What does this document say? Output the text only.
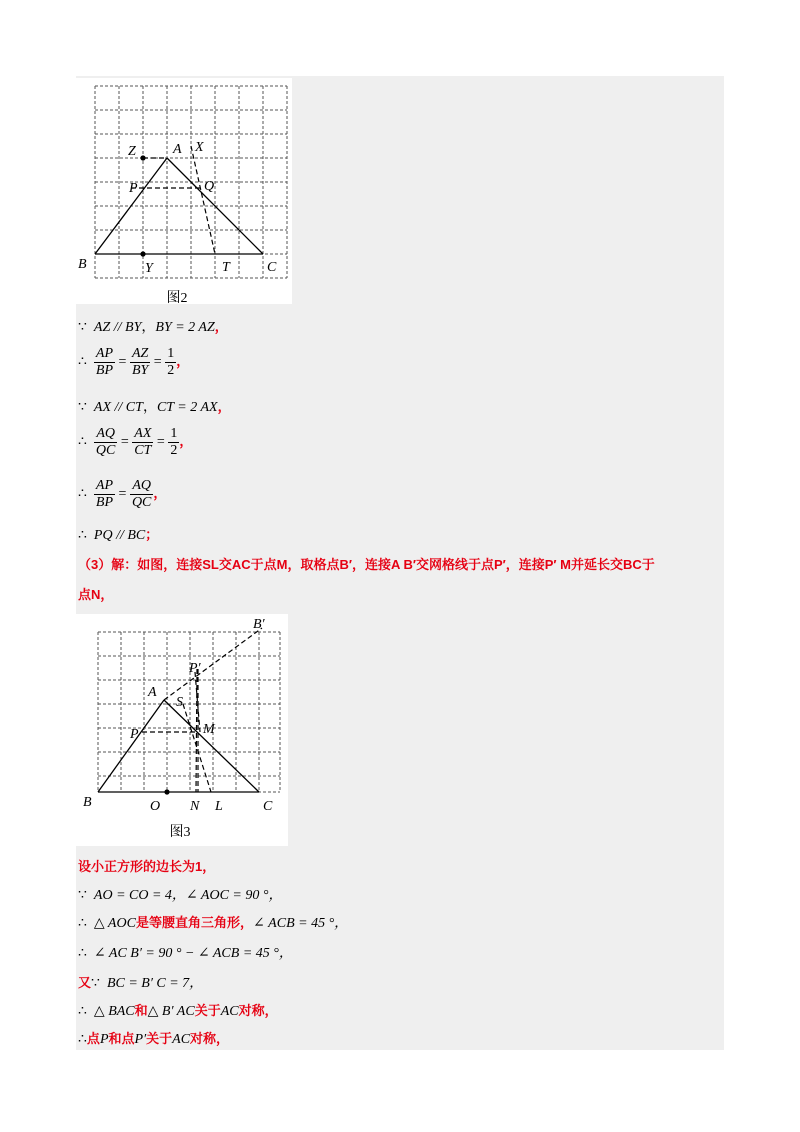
A X
Z
P	Q
B	Y	T	C
图2
∵ AZ // BY，BY = 2 AZ，
∴ $\frac{AP}{BP} = \frac{AZ}{BY} = \frac{1}{2}$ ，
∵ AX // CT，CT = 2 AX，
∴ $\frac{AQ}{QC} = \frac{AX}{CT} = \frac{1}{2}$ ，
∴ $\frac{AP}{BP} = \frac{AQ}{QC}$ ，
∴ PQ // BC；
（3）解：如图，连接SL交AC于点M，取格点B′，连接A B′交网格线于点P′，连接P′ M并延长交BC于
点N，
B′
P′
A
S
P	M
B	O N L	C
图3
设小正方形的边长为1，
∵ AO = CO = 4，∠ AOC = 90 °，
∴ △ AOC是等腰直角三角形，∠ ACB = 45 °，
∴ ∠ AC B′ = 90 ° − ∠ ACB = 45 °，
又∵ BC = B′ C = 7，
∴ △ BAC和△ B′ AC关于AC对称，
∴点P和点P′关于AC对称，
